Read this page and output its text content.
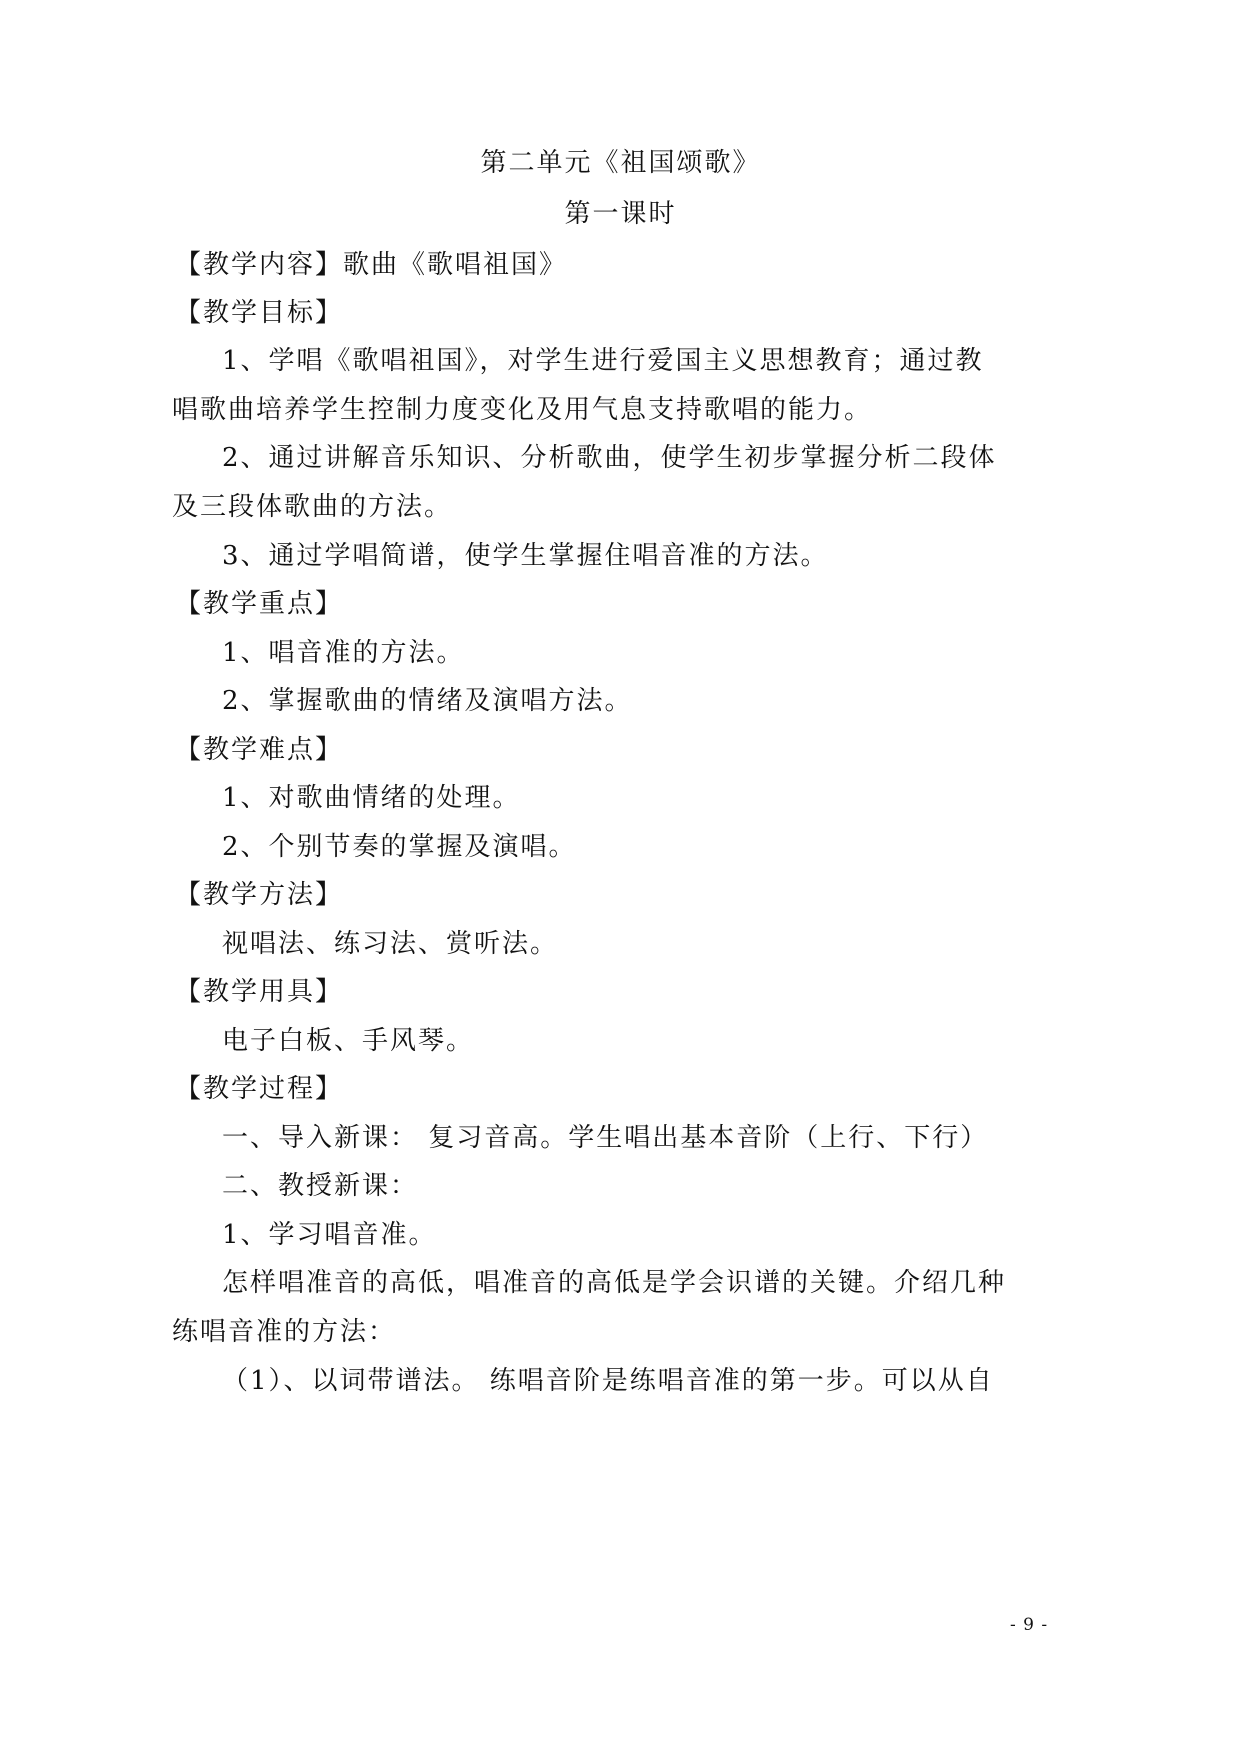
第二单元《祖国颂歌》
第一课时
【教学内容】歌曲《歌唱祖国》
【教学目标】
1、学唱《歌唱祖国》，对学生进行爱国主义思想教育；通过教
唱歌曲培养学生控制力度变化及用气息支持歌唱的能力。
2、通过讲解音乐知识、分析歌曲，使学生初步掌握分析二段体
及三段体歌曲的方法。
3、通过学唱简谱，使学生掌握住唱音准的方法。
【教学重点】
1、唱音准的方法。
2、掌握歌曲的情绪及演唱方法。
【教学难点】
1、对歌曲情绪的处理。
2、个别节奏的掌握及演唱。
【教学方法】
视唱法、练习法、赏听法。
【教学用具】
电子白板、手风琴。
【教学过程】
一、导入新课： 复习音高。学生唱出基本音阶（上行、下行）
二、教授新课：
1、学习唱音准。
怎样唱准音的高低，唱准音的高低是学会识谱的关键。介绍几种
练唱音准的方法：
（1）、以词带谱法。 练唱音阶是练唱音准的第一步。可以从自
- 9 -
